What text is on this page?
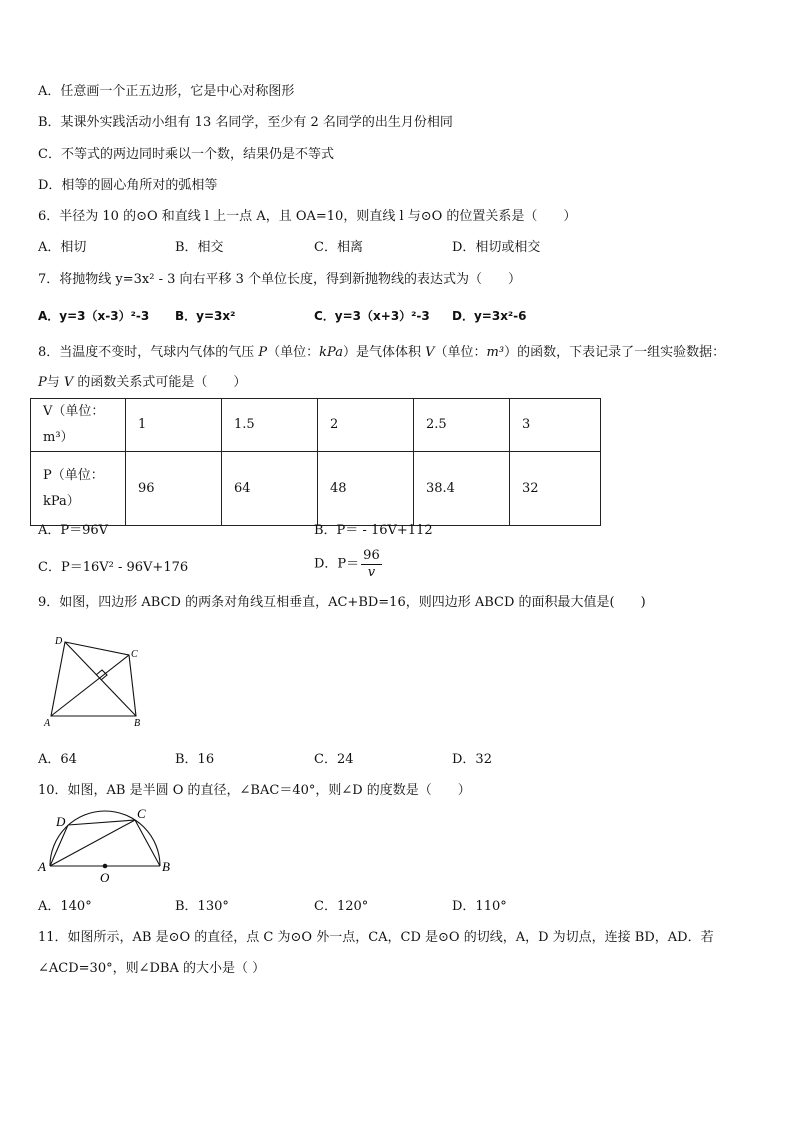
A．任意画一个正五边形，它是中心对称图形
B．某课外实践活动小组有 13 名同学，至少有 2 名同学的出生月份相同
C．不等式的两边同时乘以一个数，结果仍是不等式
D．相等的圆心角所对的弧相等
6．半径为 10 的⊙O 和直线 l 上一点 A，且 OA=10，则直线 l 与⊙O 的位置关系是（　　）
A．相切	B．相交	C．相离	D．相切或相交
7．将抛物线 y=3x² - 3 向右平移 3 个单位长度，得到新抛物线的表达式为（　　）
A．y=3（x-3）²-3 B．y=3x²	C．y=3（x+3）²-3 D．y=3x²-6
8．当温度不变时，气球内气体的气压 P（单位：kPa）是气体体积 V（单位：m³）的函数，下表记录了一组实验数据：
P与 V 的函数关系式可能是（　　）
V（单位：m³）	1	1.5	2	2.5	3
P（单位：
kPa）	96	64	48	38.4	32
A．P＝96V	B．P＝ - 16V+112
C．P＝16V² - 96V+176	D．$P= \frac{96}{v}$
9．如图，四边形 ABCD 的两条对角线互相垂直，AC+BD=16，则四边形 ABCD 的面积最大值是(　　)
D
C
A	B
A．64	B．16	C．24	D．32
10．如图，AB 是半圆 O 的直径，∠BAC＝40°，则∠D 的度数是（　　）
D
C
A	B
O
A．140°	B．130°	C．120°	D．110°
11．如图所示，AB 是⊙O 的直径，点 C 为⊙O 外一点，CA，CD 是⊙O 的切线，A，D 为切点，连接 BD，AD．若
∠ACD=30°，则∠DBA 的大小是（ ）
